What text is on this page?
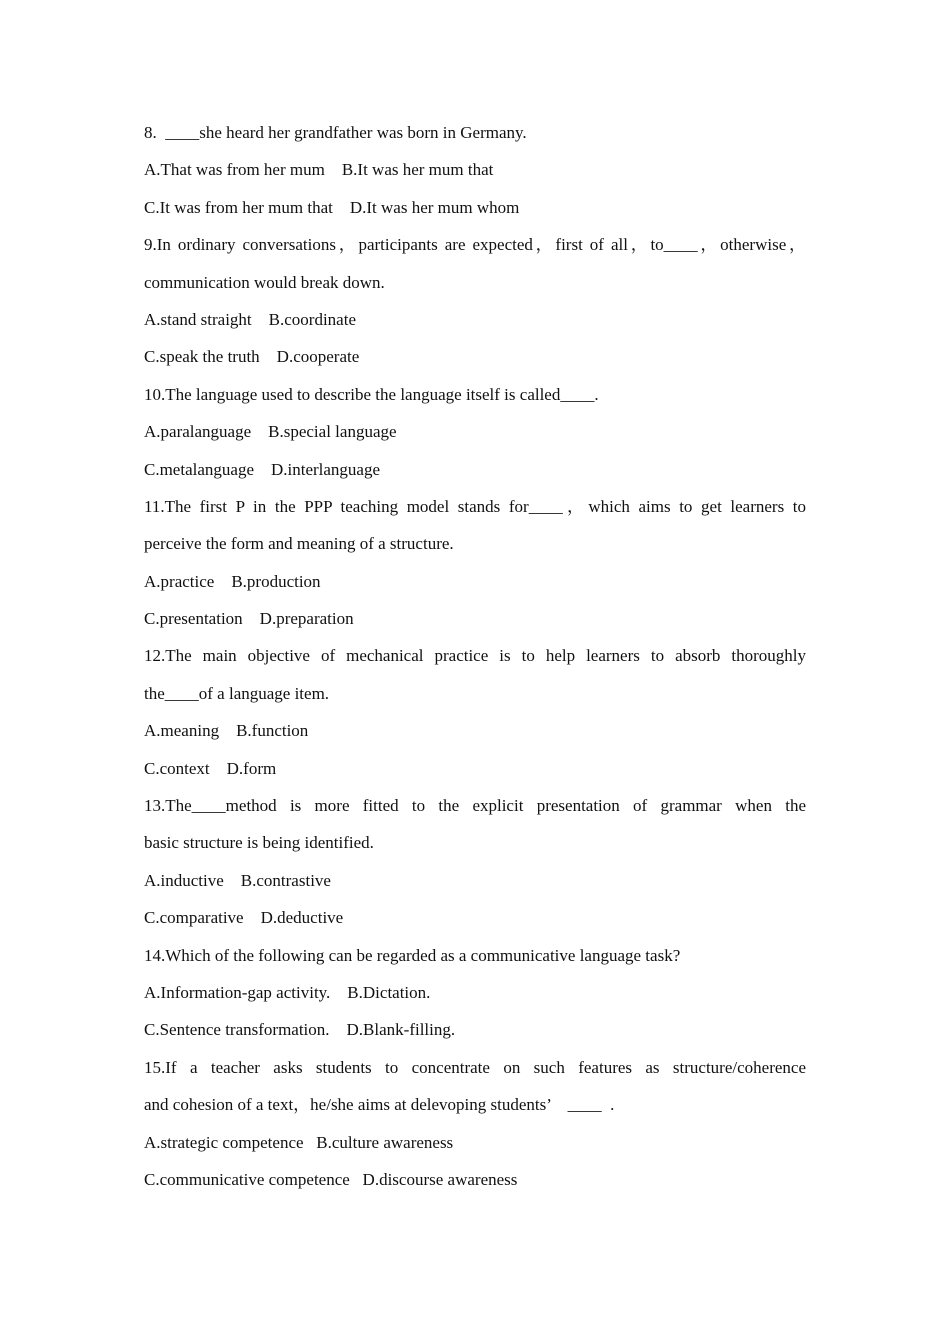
8.  ____she heard her grandfather was born in Germany.
A.That was from her mum    B.It was her mum that
C.It was from her mum that    D.It was her mum whom
9.In ordinary conversations，participants are expected，first of all，to____，otherwise，
communication would break down.
A.stand straight    B.coordinate
C.speak the truth    D.cooperate
10.The language used to describe the language itself is called____.
A.paralanguage    B.special language
C.metalanguage    D.interlanguage
11.The first P in the PPP teaching model stands for____，which aims to get learners to
perceive the form and meaning of a structure.
A.practice    B.production
C.presentation    D.preparation
12.The main objective of mechanical practice is to help learners to absorb thoroughly
the____of a language item.
A.meaning    B.function
C.context    D.form
13.The____method is more fitted to the explicit presentation of grammar when the
basic structure is being identified.
A.inductive    B.contrastive
C.comparative    D.deductive
14.Which of the following can be regarded as a communicative language task?
A.Information-gap activity.    B.Dictation.
C.Sentence transformation.    D.Blank-filling.
15.If a teacher asks students to concentrate on such features as structure/coherence
and cohesion of a text，he/she aims at delevoping students’    ____  .
A.strategic competence   B.culture awareness
C.communicative competence   D.discourse awareness
